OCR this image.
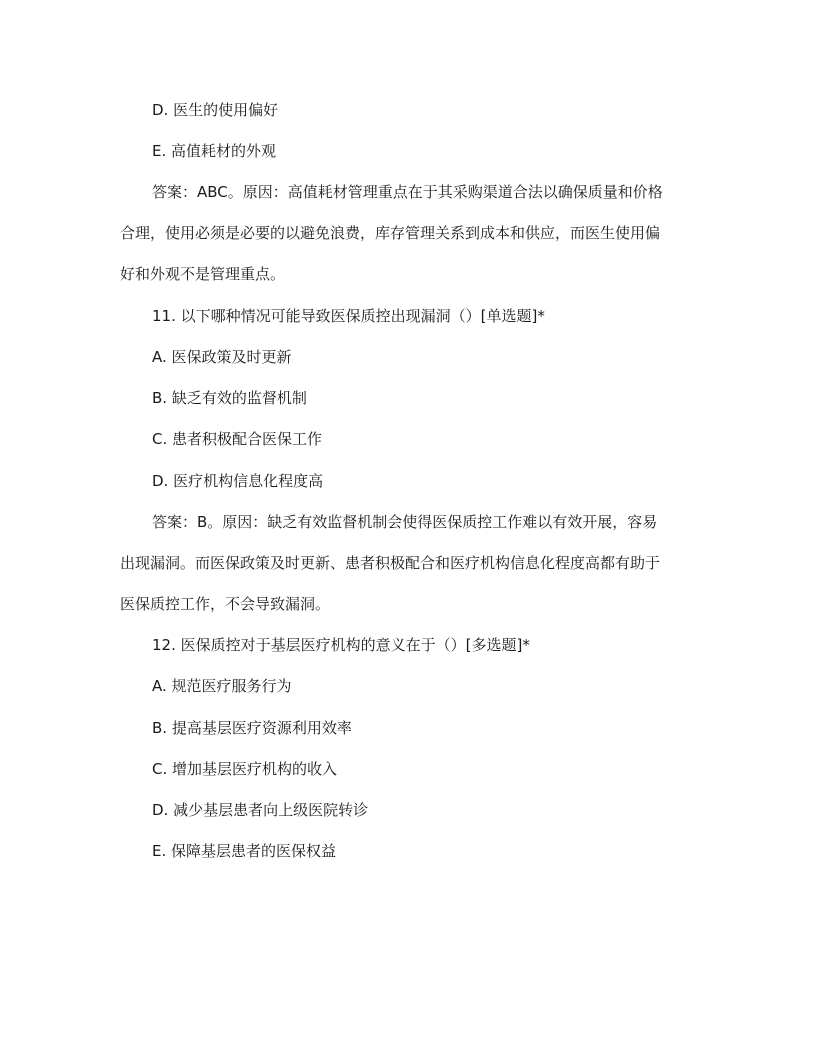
D. 医生的使用偏好
E. 高值耗材的外观
答案：ABC。原因：高值耗材管理重点在于其采购渠道合法以确保质量和价格
合理，使用必须是必要的以避免浪费，库存管理关系到成本和供应，而医生使用偏
好和外观不是管理重点。
11. 以下哪种情况可能导致医保质控出现漏洞（）[单选题]*
A. 医保政策及时更新
B. 缺乏有效的监督机制
C. 患者积极配合医保工作
D. 医疗机构信息化程度高
答案：B。原因：缺乏有效监督机制会使得医保质控工作难以有效开展，容易
出现漏洞。而医保政策及时更新、患者积极配合和医疗机构信息化程度高都有助于
医保质控工作，不会导致漏洞。
12. 医保质控对于基层医疗机构的意义在于（）[多选题]*
A. 规范医疗服务行为
B. 提高基层医疗资源利用效率
C. 增加基层医疗机构的收入
D. 减少基层患者向上级医院转诊
E. 保障基层患者的医保权益
